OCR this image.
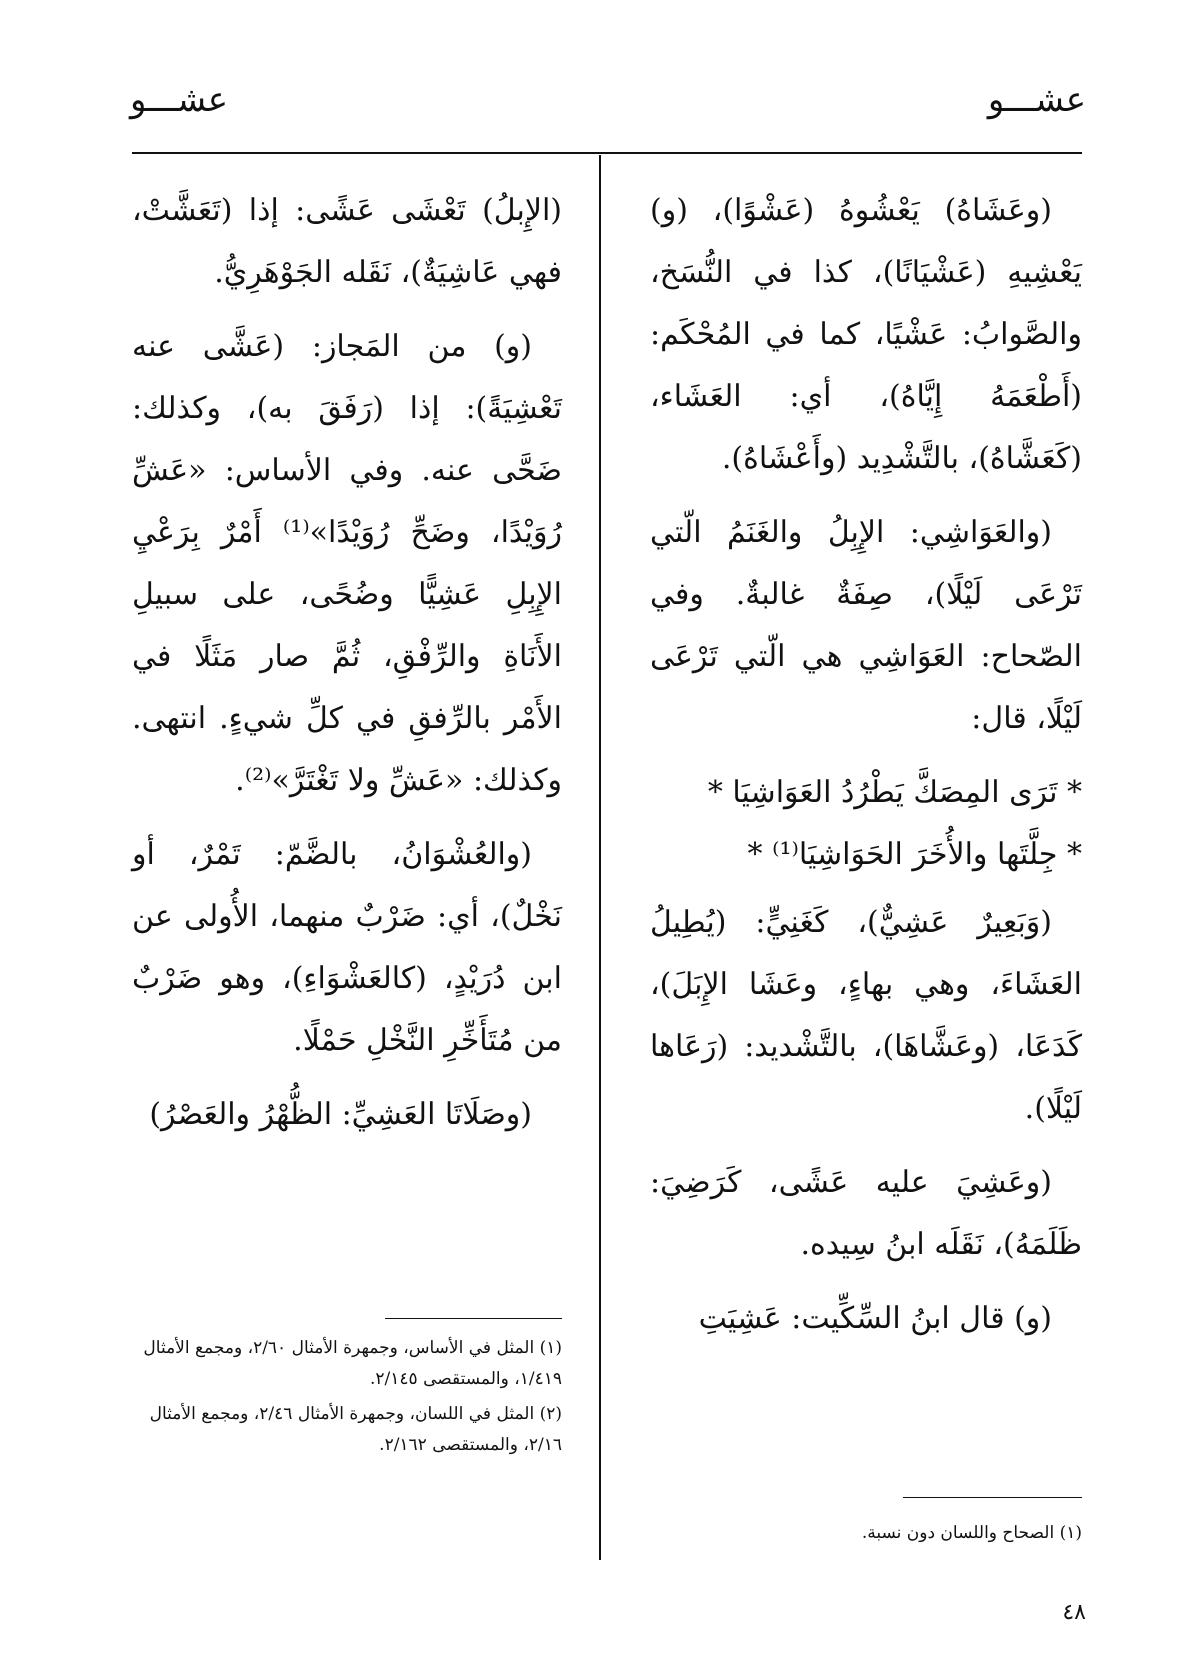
عشـــو
عشـــو

(وعَشَاهُ) يَعْشُوهُ (عَشْوًا)، (و) يَعْشِيهِ (عَشْيَانًا)، كذا في النُّسَخ، والصَّوابُ: عَشْيًا، كما في المُحْكَم: (أَطْعَمَهُ إِيَّاهُ)، أي: العَشَاء، (كَعَشَّاهُ)، بالتَّشْدِيد (وأَعْشَاهُ).

(والعَوَاشِي: الإِبِلُ والغَنَمُ الّتي تَرْعَى لَيْلًا)، صِفَةٌ غالبةٌ. وفي الصّحاح: العَوَاشِي هي الّتي تَرْعَى لَيْلًا، قال:

* تَرَى المِصَكَّ يَطْرُدُ العَوَاشِيَا *

* جِلَّتَها والأُخَرَ الحَوَاشِيَا⁽¹⁾ *

(وَبَعِيرٌ عَشِيٌّ)، كَغَنِيٍّ: (يُطِيلُ العَشَاءَ، وهي بهاءٍ، وعَشَا الإِبَلَ)، كَدَعَا، (وعَشَّاهَا)، بالتَّشْديد: (رَعَاها لَيْلًا).

(وعَشِيَ عليه عَشًى، كَرَضِيَ: ظَلَمَهُ)، نَقَلَه ابنُ سِيده.

(و) قال ابنُ السِّكِّيت: عَشِيَتِ

(الإِبلُ) تَعْشَى عَشًى: إذا (تَعَشَّتْ، فهي عَاشِيَةٌ)، نَقَله الجَوْهَرِيُّ.

(و) من المَجاز: (عَشَّى عنه تَعْشِيَةً): إذا (رَفَقَ به)، وكذلك: ضَحَّى عنه. وفي الأساس: «عَشِّ رُوَيْدًا، وضَحِّ رُوَيْدًا»⁽¹⁾ أَمْرٌ بِرَعْيِ الإِبِلِ عَشِيًّا وضُحًى، على سبيلِ الأَنَاةِ والرِّفْقِ، ثُمَّ صار مَثَلًا في الأَمْر بالرِّفقِ في كلِّ شيءٍ. انتهى. وكذلك: «عَشِّ ولا تَغْتَرَّ»⁽²⁾.

(والعُشْوَانُ، بالضَّمّ: تَمْرٌ، أو نَخْلٌ)، أي: ضَرْبٌ منهما، الأُولى عن ابن دُرَيْدٍ، (كالعَشْوَاءِ)، وهو ضَرْبٌ من مُتَأَخِّرِ النَّخْلِ حَمْلًا.

(وصَلَاتَا العَشِيِّ: الظُّهْرُ والعَصْرُ)

(١) الصحاح واللسان دون نسبة.

(١) المثل في الأساس، وجمهرة الأمثال ٢/٦٠، ومجمع الأمثال ١/٤١٩، والمستقصى ٢/١٤٥.

(٢) المثل في اللسان، وجمهرة الأمثال ٢/٤٦، ومجمع الأمثال ٢/١٦، والمستقصى ٢/١٦٢.

٤٨
